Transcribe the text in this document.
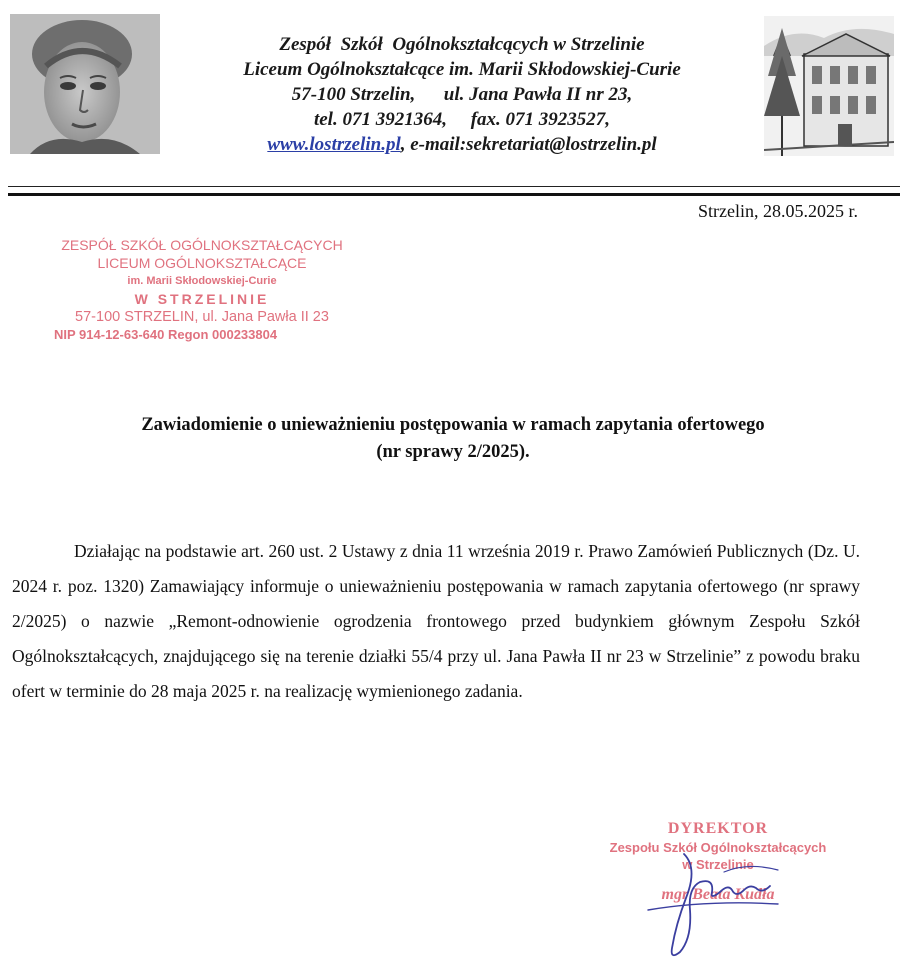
Zespół  Szkół  Ogólnokształcących w Strzelinie
Liceum Ogólnokształcące im. Marii Skłodowskiej-Curie
57-100 Strzelin,      ul. Jana Pawła II nr 23,
tel. 071 3921364,     fax. 071 3923527,
www.lostrzelin.pl, e-mail:sekretariat@lostrzelin.pl
Strzelin, 28.05.2025 r.
ZESPÓŁ SZKÓŁ OGÓLNOKSZTAŁCĄCYCH
LICEUM OGÓLNOKSZTAŁCĄCE
im. Marii Skłodowskiej-Curie
W STRZELINIE
57-100 STRZELIN, ul. Jana Pawła II 23
NIP 914-12-63-640 Regon 000233804
Zawiadomienie o unieważnieniu postępowania w ramach zapytania ofertowego
(nr sprawy 2/2025).

Działając na podstawie art. 260 ust. 2 Ustawy z dnia 11 września 2019 r. Prawo Zamówień Publicznych (Dz. U. 2024 r. poz. 1320) Zamawiający informuje o unieważnieniu postępowania w ramach zapytania ofertowego (nr sprawy 2/2025) o nazwie „Remont-odnowienie ogrodzenia frontowego przed budynkiem głównym Zespołu Szkół Ogólnokształcących, znajdującego się na terenie działki 55/4 przy ul. Jana Pawła II nr 23 w Strzelinie” z powodu braku ofert w terminie do 28 maja 2025 r. na realizację wymienionego zadania.

DYREKTOR
Zespołu Szkół Ogólnokształcących
w Strzelinie
mgr Beata Kudła
